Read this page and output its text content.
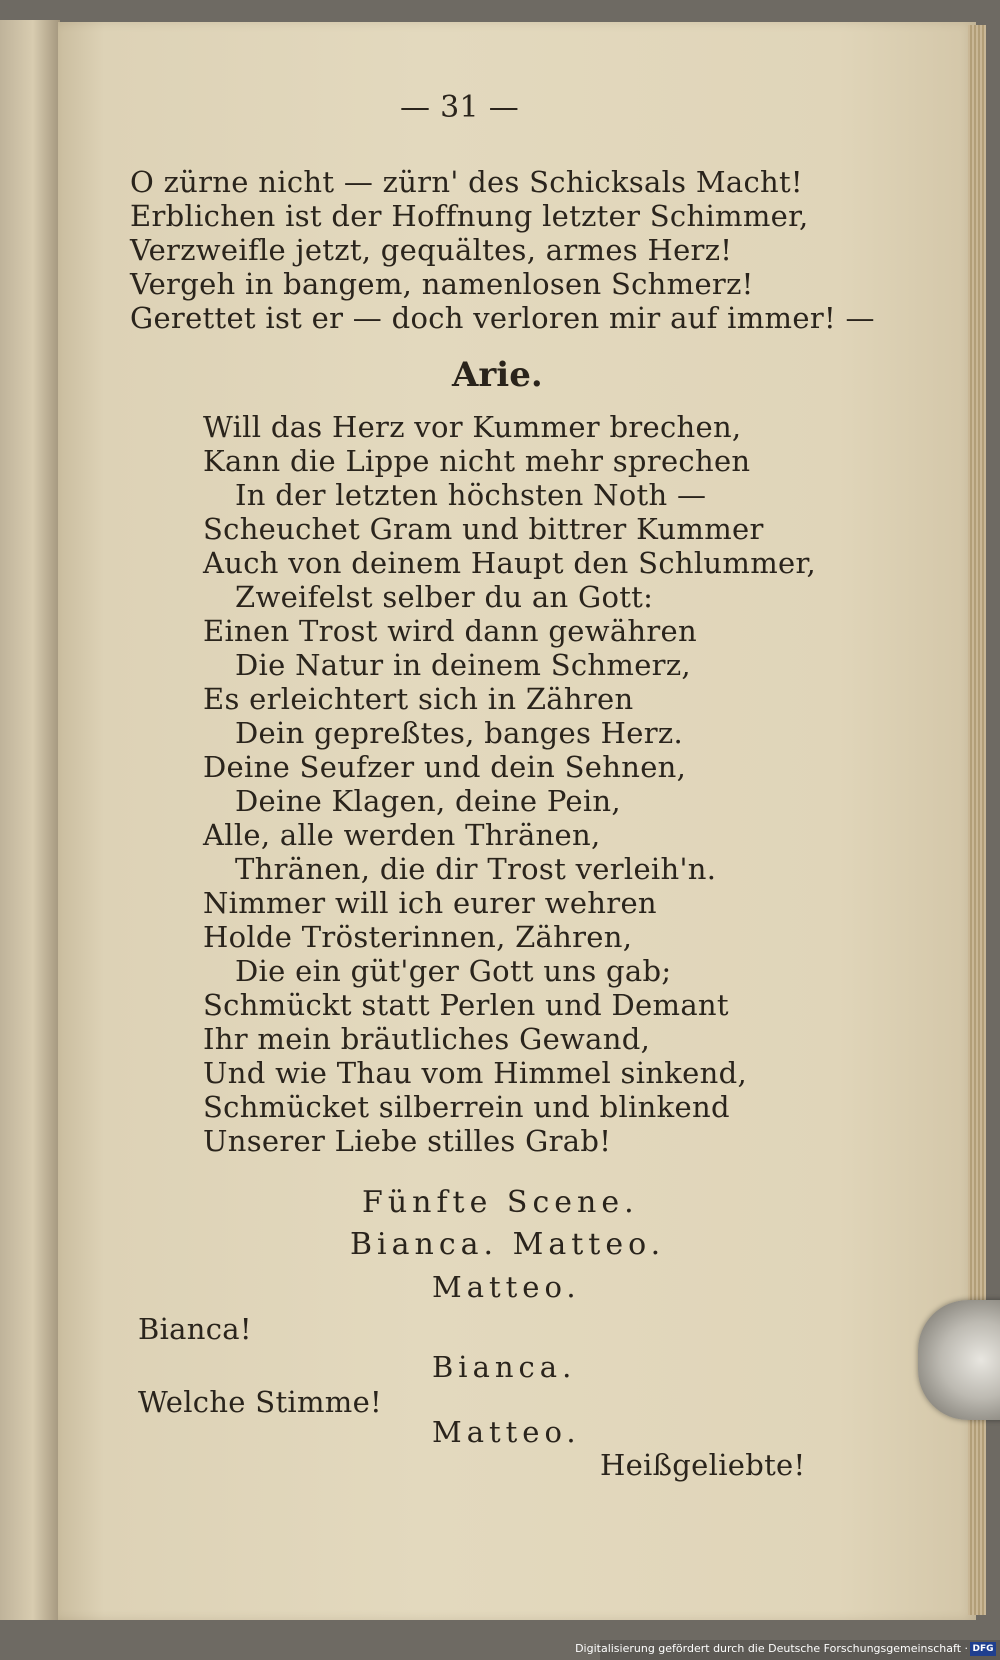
— 31 —
O zürne nicht — zürn' des Schicksals Macht!
Erblichen ist der Hoffnung letzter Schimmer,
Verzweifle jetzt, gequältes, armes Herz!
Vergeh in bangem, namenlosen Schmerz!
Gerettet ist er — doch verloren mir auf immer! —
Arie.
Will das Herz vor Kummer brechen,
Kann die Lippe nicht mehr sprechen
In der letzten höchsten Noth —
Scheuchet Gram und bittrer Kummer
Auch von deinem Haupt den Schlummer,
Zweifelst selber du an Gott:
Einen Trost wird dann gewähren
Die Natur in deinem Schmerz,
Es erleichtert sich in Zähren
Dein gepreßtes, banges Herz.
Deine Seufzer und dein Sehnen,
Deine Klagen, deine Pein,
Alle, alle werden Thränen,
Thränen, die dir Trost verleih'n.
Nimmer will ich eurer wehren
Holde Trösterinnen, Zähren,
Die ein güt'ger Gott uns gab;
Schmückt statt Perlen und Demant
Ihr mein bräutliches Gewand,
Und wie Thau vom Himmel sinkend,
Schmücket silberrein und blinkend
Unserer Liebe stilles Grab!
Fünfte Scene.
Bianca. Matteo.
Matteo.
Bianca!
Bianca.
Welche Stimme!
Matteo.
Heißgeliebte!
Digitalisierung gefördert durch die Deutsche Forschungsgemeinschaft · DFG
